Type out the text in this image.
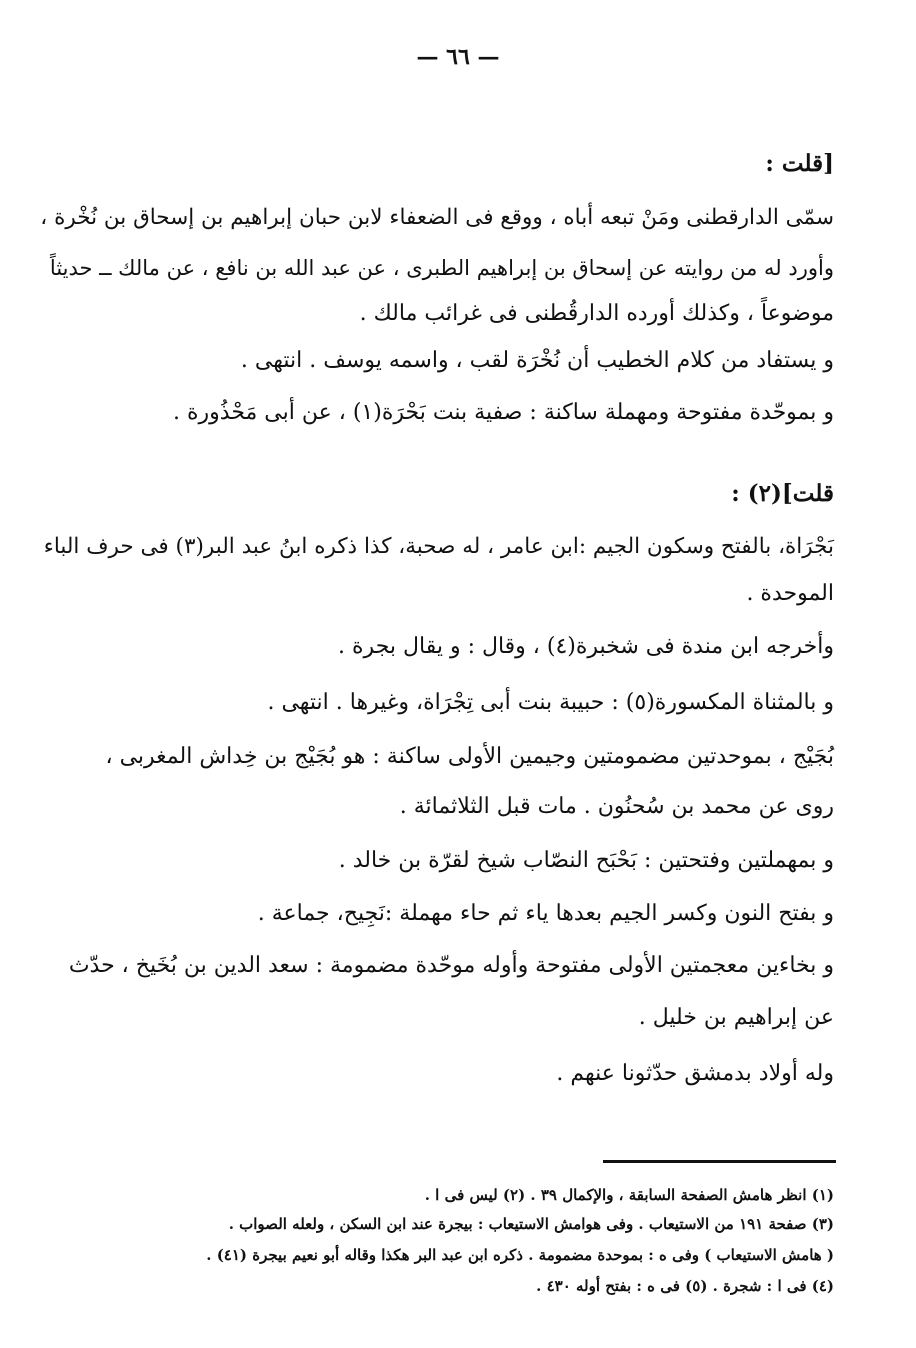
— ٦٦ —
[قلت :
سمّى الدارقطنى ومَنْ تبعه أباه ، ووقع فى الضعفاء لابن حبان إبراهيم بن إسحاق بن نُخْرة ،
وأورد له من روايته عن إسحاق بن إبراهيم الطبرى ، عن عبد الله بن نافع ، عن مالك ــ حديثاً
موضوعاً ، وكذلك أورده الدارقُطنى فى غرائب مالك .
و يستفاد من كلام الخطيب أن نُخْرَة لقب ، واسمه يوسف . انتهى .
و بموحّدة مفتوحة ومهملة ساكنة : صفية بنت بَحْرَة(١) ، عن أبى مَحْذُورة .
قلت](٢) :
بَجْرَاة، بالفتح وسكون الجيم :ابن عامر ، له صحبة، كذا ذكره ابنُ عبد البر(٣) فى حرف الباء
الموحدة .
وأخرجه ابن مندة فى شخبرة(٤) ، وقال : و يقال بجرة .
و بالمثناة المكسورة(٥) : حبيبة بنت أبى تِجْرَاة، وغيرها . انتهى .
بُجَيْج ، بموحدتين مضمومتين وجيمين الأولى ساكنة : هو بُجَيْج بن خِداش المغربى ،
روى عن محمد بن سُحنُون . مات قبل الثلاثمائة .
و بمهملتين وفتحتين : بَحْبَح النصّاب شيخ لقرّة بن خالد .
و بفتح النون وكسر الجيم بعدها ياء ثم حاء مهملة :نَجِيح، جماعة .
و بخاءين معجمتين الأولى مفتوحة وأوله موحّدة مضمومة : سعد الدين بن بُخَيخ ، حدّث
عن إبراهيم بن خليل .
وله أولاد بدمشق حدّثونا عنهم .
(١) انظر هامش الصفحة السابقة ، والإكمال ٣٩ . (٢) ليس فى ا .
(٣) صفحة ١٩١ من الاستيعاب . وفى هوامش الاستيعاب : بيجرة عند ابن السكن ، ولعله الصواب .
( هامش الاستيعاب ) وفى ه : بموحدة مضمومة . ذكره ابن عبد البر هكذا وقاله أبو نعيم بيجرة (٤١) .
(٤) فى ا : شجرة . (٥) فى ه : بفتح أوله ٤٣٠ .
